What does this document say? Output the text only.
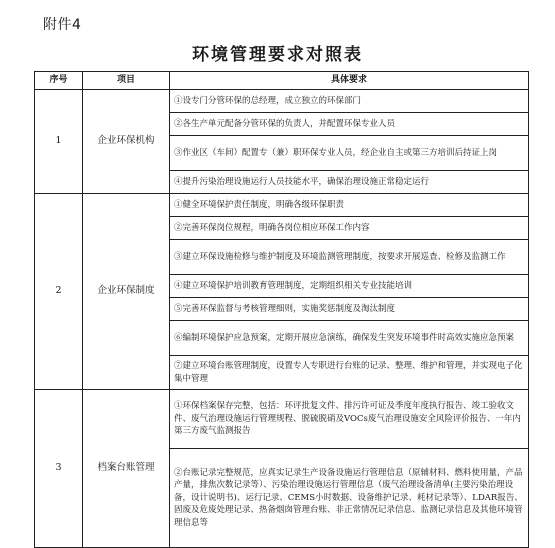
附件4
环境管理要求对照表
序号	项目	具体要求
1	企业环保机构	①设专门分管环保的总经理，成立独立的环保部门
		②各生产单元配备分管环保的负责人，并配置环保专业人员
		③作业区（车间）配置专（兼）职环保专业人员，经企业自主或第三方培训后持证上岗
		④提升污染治理设施运行人员技能水平，确保治理设施正常稳定运行
2	企业环保制度	①健全环境保护责任制度，明确各级环保职责
		②完善环保岗位规程，明确各岗位相应环保工作内容
		③建立环保设施检修与维护制度及环境监测管理制度，按要求开展巡查、检修及监测工作
		④建立环境保护培训教育管理制度，定期组织相关专业技能培训
		⑤完善环保监督与考核管理细则，实施奖惩制度及淘汰制度
		⑥编制环境保护应急预案，定期开展应急演练，确保发生突发环境事件时高效实施应急预案
		⑦建立环境台账管理制度，设置专人专职进行台账的记录、整理、维护和管理，并实现电子化集中管理
3	档案台账管理	①环保档案保存完整，包括：环评批复文件、排污许可证及季度年度执行报告、竣工验收文件、废气治理设施运行管理规程、脱硫脱硝及VOCs废气治理设施安全风险评价报告、一年内第三方废气监测报告
		②台账记录完整规范，应真实记录生产设备设施运行管理信息（原辅材料、燃料使用量，产品产量，排焦次数记录等）、污染治理设施运行管理信息（废气治理设备清单(主要污染治理设备，设计说明书)、运行记录、CEMS小时数据、设备维护记录、耗材记录等）、LDAR报告、固废及危废处理记录、热备烟囱管理台账、非正常情况记录信息、监测记录信息及其他环境管理信息等
